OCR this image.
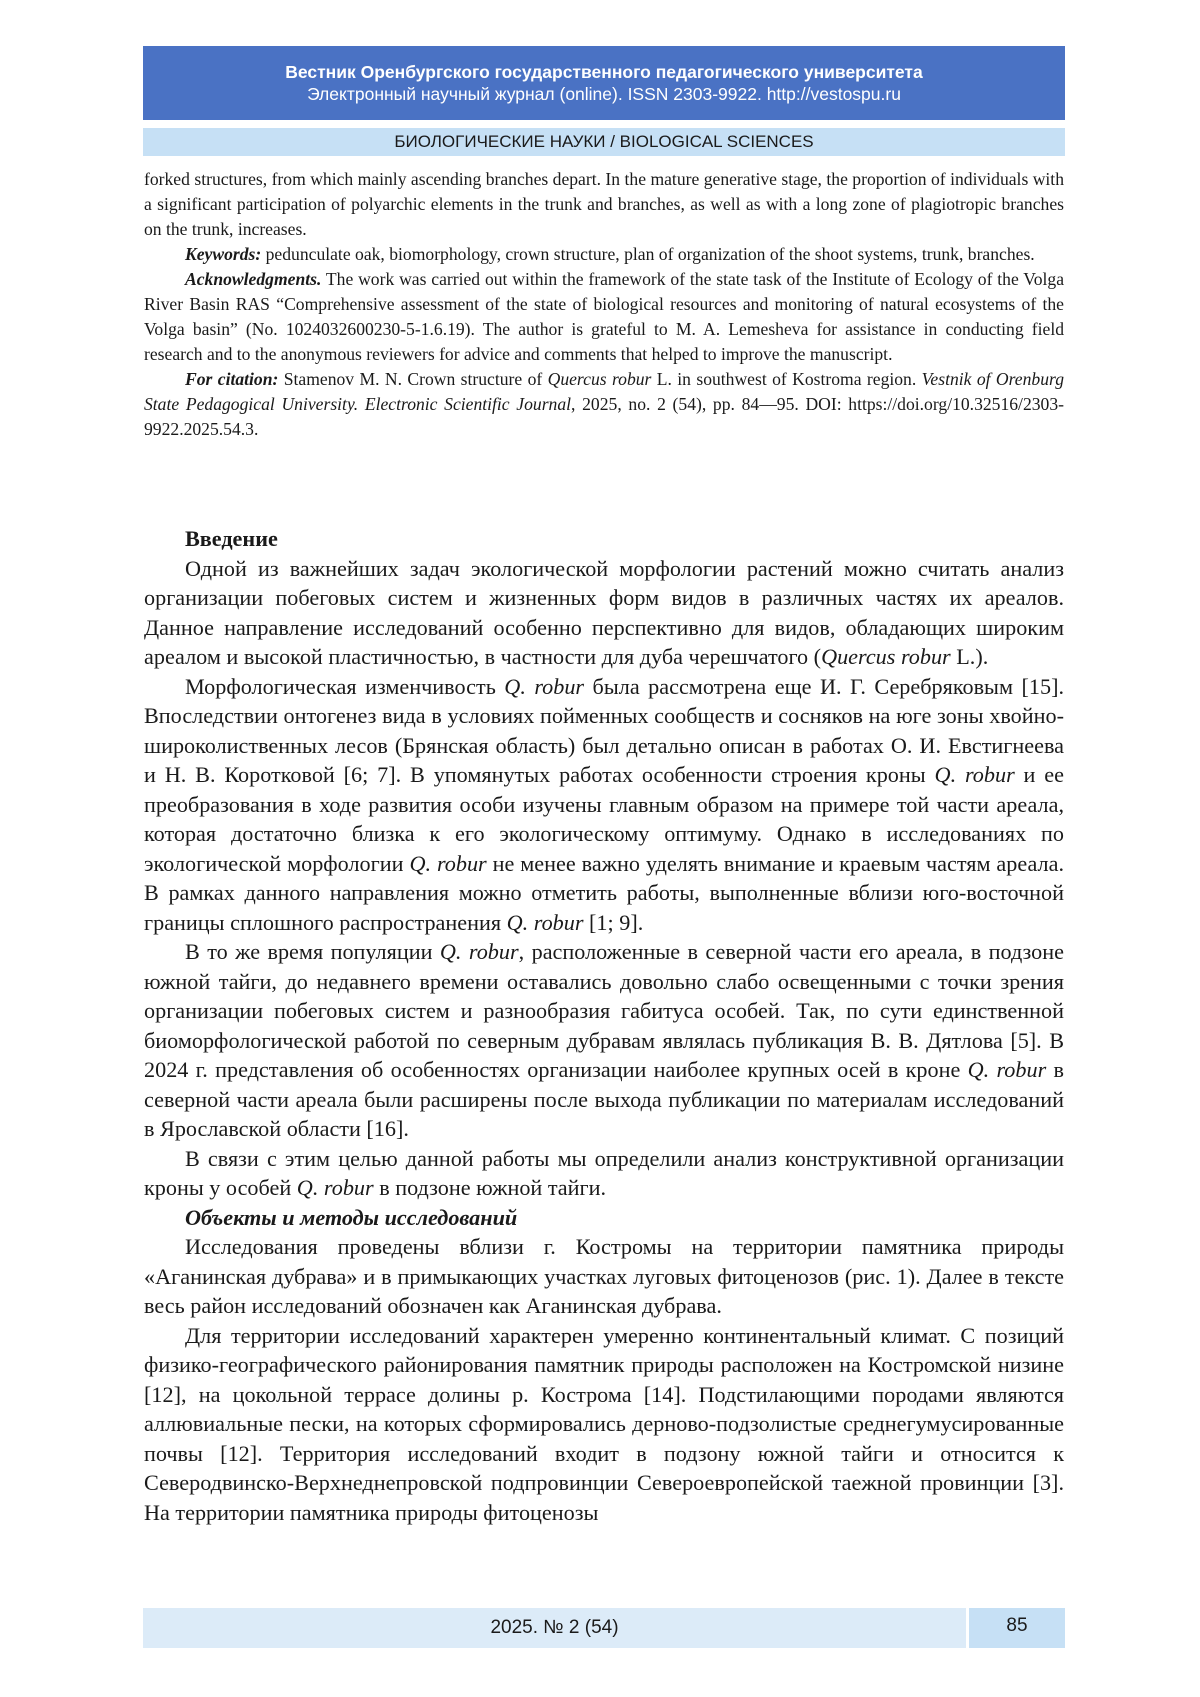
Вестник Оренбургского государственного педагогического университета
Электронный научный журнал (online). ISSN 2303-9922. http://vestospu.ru
БИОЛОГИЧЕСКИЕ НАУКИ / BIOLOGICAL SCIENCES

forked structures, from which mainly ascending branches depart. In the mature generative stage, the proportion of individuals with a significant participation of polyarchic elements in the trunk and branches, as well as with a long zone of plagiotropic branches on the trunk, increases.

Keywords: pedunculate oak, biomorphology, crown structure, plan of organization of the shoot systems, trunk, branches.

Acknowledgments. The work was carried out within the framework of the state task of the Institute of Ecology of the Volga River Basin RAS “Comprehensive assessment of the state of biological resources and monitoring of natural ecosystems of the Volga basin” (No. 1024032600230-5-1.6.19). The author is grateful to M. A. Lemesheva for assistance in conducting field research and to the anonymous reviewers for advice and comments that helped to improve the manuscript.

For citation: Stamenov M. N. Crown structure of Quercus robur L. in southwest of Kostroma region. Vestnik of Orenburg State Pedagogical University. Electronic Scientific Journal, 2025, no. 2 (54), pp. 84—95. DOI: https://doi.org/10.32516/2303-9922.2025.54.3.

Введение

Одной из важнейших задач экологической морфологии растений можно считать анализ организации побеговых систем и жизненных форм видов в различных частях их ареалов. Данное направление исследований особенно перспективно для видов, обладающих широким ареалом и высокой пластичностью, в частности для дуба черешчатого (Quercus robur L.).

Морфологическая изменчивость Q. robur была рассмотрена еще И. Г. Серебряковым [15]. Впоследствии онтогенез вида в условиях пойменных сообществ и сосняков на юге зоны хвойно-широколиственных лесов (Брянская область) был детально описан в работах О. И. Евстигнеева и Н. В. Коротковой [6; 7]. В упомянутых работах особенности строения кроны Q. robur и ее преобразования в ходе развития особи изучены главным образом на примере той части ареала, которая достаточно близка к его экологическому оптимуму. Однако в исследованиях по экологической морфологии Q. robur не менее важно уделять внимание и краевым частям ареала. В рамках данного направления можно отметить работы, выполненные вблизи юго-восточной границы сплошного распространения Q. robur [1; 9].

В то же время популяции Q. robur, расположенные в северной части его ареала, в подзоне южной тайги, до недавнего времени оставались довольно слабо освещенными с точки зрения организации побеговых систем и разнообразия габитуса особей. Так, по сути единственной биоморфологической работой по северным дубравам являлась публикация В. В. Дятлова [5]. В 2024 г. представления об особенностях организации наиболее крупных осей в кроне Q. robur в северной части ареала были расширены после выхода публикации по материалам исследований в Ярославской области [16].

В связи с этим целью данной работы мы определили анализ конструктивной организации кроны у особей Q. robur в подзоне южной тайги.

Объекты и методы исследований

Исследования проведены вблизи г. Костромы на территории памятника природы «Аганинская дубрава» и в примыкающих участках луговых фитоценозов (рис. 1). Далее в тексте весь район исследований обозначен как Аганинская дубрава.

Для территории исследований характерен умеренно континентальный климат. С позиций физико-географического районирования памятник природы расположен на Костромской низине [12], на цокольной террасе долины р. Кострома [14]. Подстилающими породами являются аллювиальные пески, на которых сформировались дерново-подзолистые среднегумусированные почвы [12]. Территория исследований входит в подзону южной тайги и относится к Северодвинско-Верхнеднепровской подпровинции Североевропейской таежной провинции [3]. На территории памятника природы фитоценозы

2025. № 2 (54)	85
